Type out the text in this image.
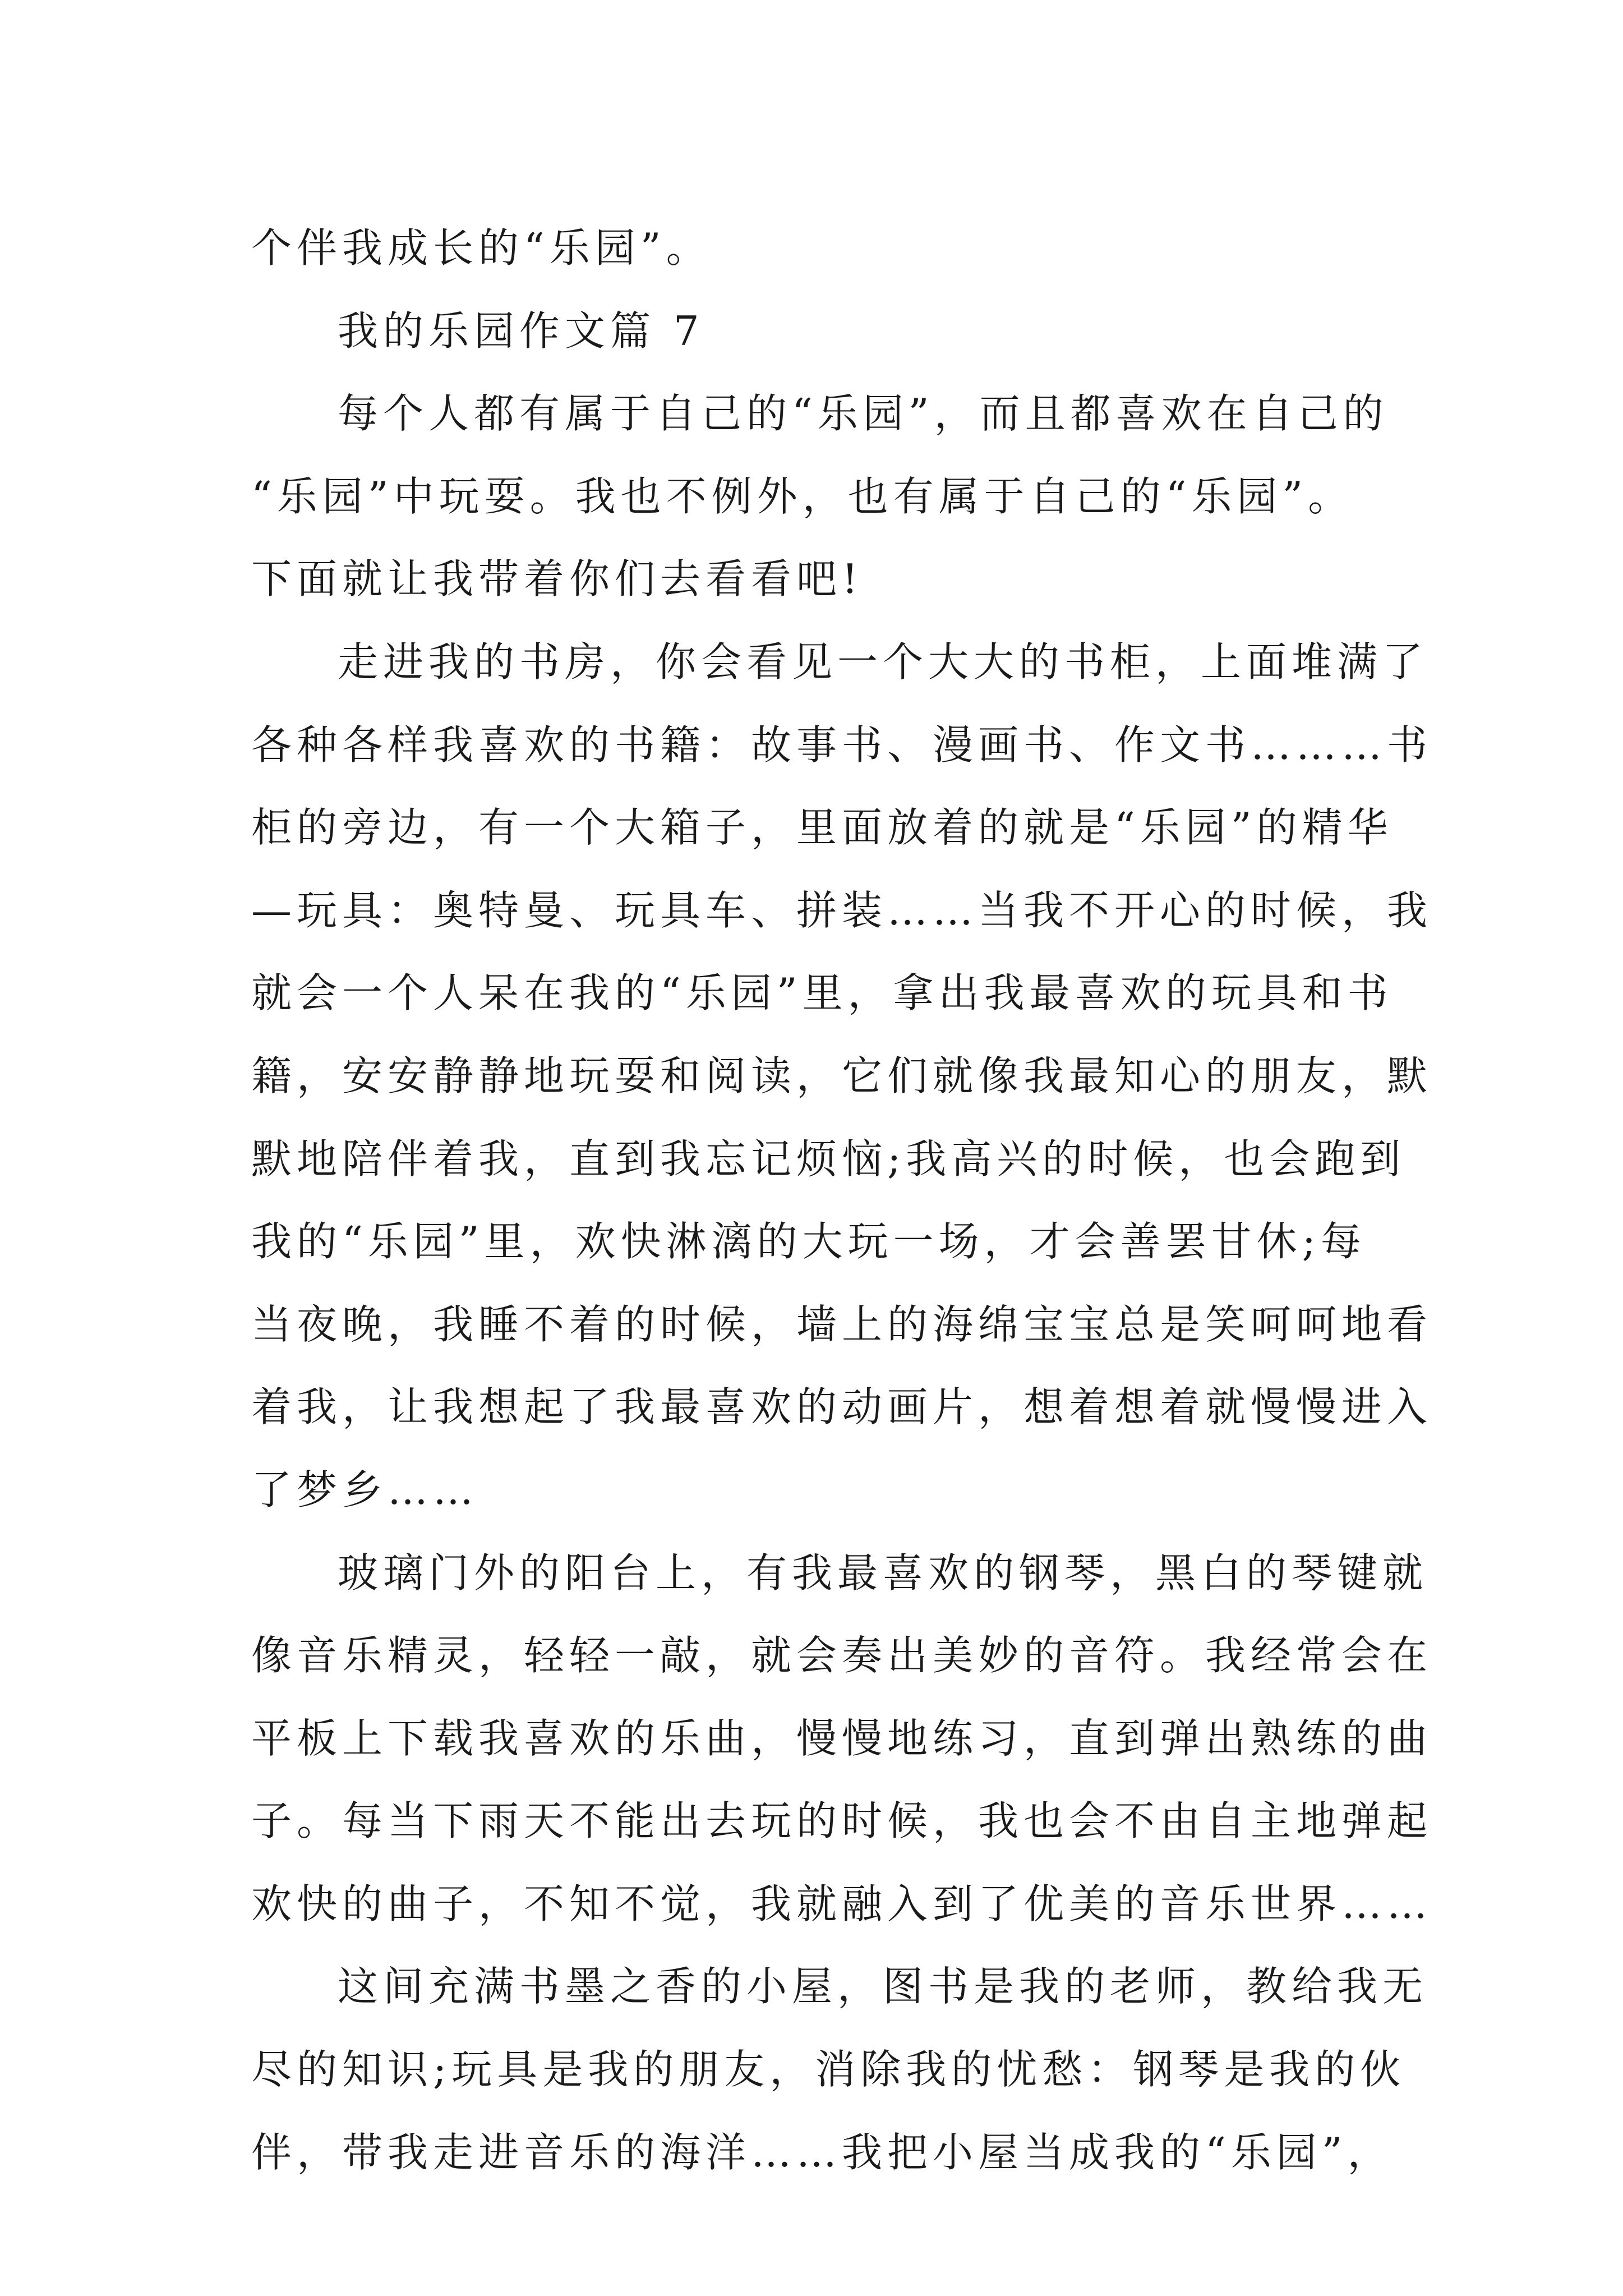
个伴我成长的“乐园”。
我的乐园作文篇 7
每个人都有属于自己的“乐园”，而且都喜欢在自己的
“乐园”中玩耍。我也不例外，也有属于自己的“乐园”。
下面就让我带着你们去看看吧!
走进我的书房，你会看见一个大大的书柜，上面堆满了
各种各样我喜欢的书籍：故事书、漫画书、作文书………书
柜的旁边，有一个大箱子，里面放着的就是“乐园”的精华
—玩具：奥特曼、玩具车、拼装……当我不开心的时候，我
就会一个人呆在我的“乐园”里，拿出我最喜欢的玩具和书
籍，安安静静地玩耍和阅读，它们就像我最知心的朋友，默
默地陪伴着我，直到我忘记烦恼;我高兴的时候，也会跑到
我的“乐园”里，欢快淋漓的大玩一场，才会善罢甘休;每
当夜晚，我睡不着的时候，墙上的海绵宝宝总是笑呵呵地看
着我，让我想起了我最喜欢的动画片，想着想着就慢慢进入
了梦乡……
玻璃门外的阳台上，有我最喜欢的钢琴，黑白的琴键就
像音乐精灵，轻轻一敲，就会奏出美妙的音符。我经常会在
平板上下载我喜欢的乐曲，慢慢地练习，直到弹出熟练的曲
子。每当下雨天不能出去玩的时候，我也会不由自主地弹起
欢快的曲子，不知不觉，我就融入到了优美的音乐世界……
这间充满书墨之香的小屋，图书是我的老师，教给我无
尽的知识;玩具是我的朋友，消除我的忧愁：钢琴是我的伙
伴，带我走进音乐的海洋……我把小屋当成我的“乐园”，
